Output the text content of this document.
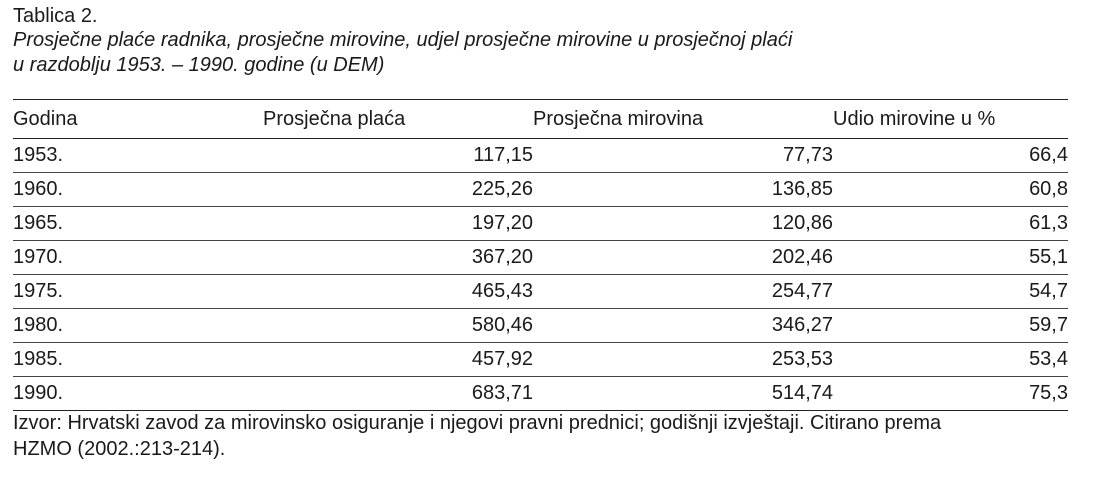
Tablica 2.

Prosječne plaće radnika, prosječne mirovine, udjel prosječne mirovine u prosječnoj plaći
u razdoblju 1953. – 1990. godine (u DEM)

Godina	Prosječna plaća	Prosječna mirovina	Udio mirovine u %
1953.	117,15	77,73	66,4
1960.	225,26	136,85	60,8
1965.	197,20	120,86	61,3
1970.	367,20	202,46	55,1
1975.	465,43	254,77	54,7
1980.	580,46	346,27	59,7
1985.	457,92	253,53	53,4
1990.	683,71	514,74	75,3

Izvor: Hrvatski zavod za mirovinsko osiguranje i njegovi pravni prednici; godišnji izvještaji. Citirano prema
HZMO (2002.:213-214).
